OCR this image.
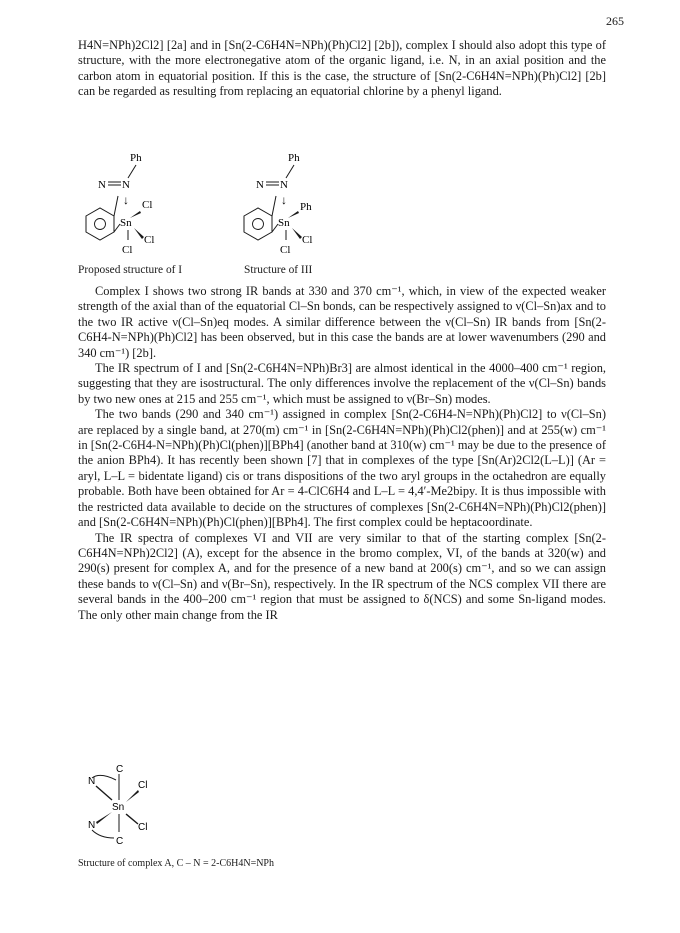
265

H4N=NPh)2Cl2] [2a] and in [Sn(2-C6H4N=NPh)(Ph)Cl2] [2b]), complex I should also adopt this type of structure, with the more electronegative atom of the organic ligand, i.e. N, in an axial position and the carbon atom in equatorial position. If this is the case, the structure of [Sn(2-C6H4N=NPh)(Ph)Cl2] [2b] can be regarded as resulting from replacing an equatorial chlorine by a phenyl ligand.

Ph
N N
↓ Cl
Sn
Cl
Cl
Ph
N N
↓ Ph
Sn
Cl
Cl
Proposed structure of I	Structure of III

Complex I shows two strong IR bands at 330 and 370 cm⁻¹, which, in view of the expected weaker strength of the axial than of the equatorial Cl–Sn bonds, can be respectively assigned to ν(Cl–Sn)ax and to the two IR active ν(Cl–Sn)eq modes. A similar difference between the ν(Cl–Sn) IR bands from [Sn(2-C6H4-N=NPh)(Ph)Cl2] has been observed, but in this case the bands are at lower wavenumbers (290 and 340 cm⁻¹) [2b].

The IR spectrum of I and [Sn(2-C6H4N=NPh)Br3] are almost identical in the 4000–400 cm⁻¹ region, suggesting that they are isostructural. The only differences involve the replacement of the ν(Cl–Sn) bands by two new ones at 215 and 255 cm⁻¹, which must be assigned to ν(Br–Sn) modes.

The two bands (290 and 340 cm⁻¹) assigned in complex [Sn(2-C6H4-N=NPh)(Ph)Cl2] to ν(Cl–Sn) are replaced by a single band, at 270(m) cm⁻¹ in [Sn(2-C6H4N=NPh)(Ph)Cl2(phen)] and at 255(w) cm⁻¹ in [Sn(2-C6H4-N=NPh)(Ph)Cl(phen)][BPh4] (another band at 310(w) cm⁻¹ may be due to the presence of the anion BPh4). It has recently been shown [7] that in complexes of the type [Sn(Ar)2Cl2(L–L)] (Ar = aryl, L–L = bidentate ligand) cis or trans dispositions of the two aryl groups in the octahedron are equally probable. Both have been obtained for Ar = 4-ClC6H4 and L–L = 4,4′-Me2bipy. It is thus impossible with the restricted data available to decide on the structures of complexes [Sn(2-C6H4N=NPh)(Ph)Cl2(phen)] and [Sn(2-C6H4N=NPh)(Ph)Cl(phen)][BPh4]. The first complex could be heptacoordinate.

The IR spectra of complexes VI and VII are very similar to that of the starting complex [Sn(2-C6H4N=NPh)2Cl2] (A), except for the absence in the bromo complex, VI, of the bands at 320(w) and 290(s) present for complex A, and for the presence of a new band at 200(s) cm⁻¹, and so we can assign these bands to ν(Cl–Sn) and ν(Br–Sn), respectively. In the IR spectrum of the NCS complex VII there are several bands in the 400–200 cm⁻¹ region that must be assigned to δ(NCS) and some Sn-ligand modes. The only other main change from the IR

C
N	Cl
Sn
N	Cl
C
Structure of complex A, C – N = 2-C6H4N=NPh
